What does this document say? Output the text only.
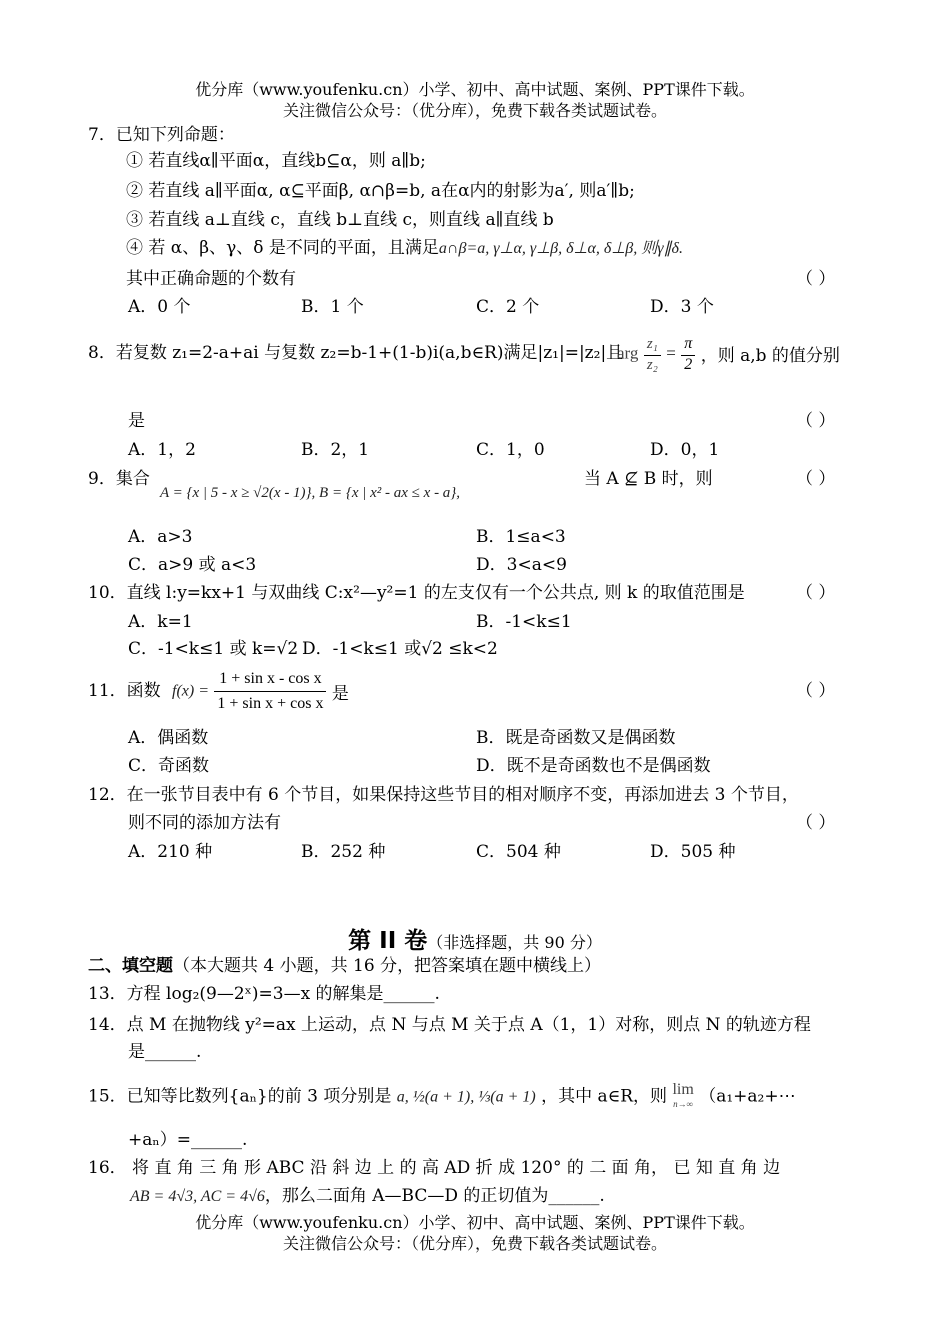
优分库（www.youfenku.cn）小学、初中、高中试题、案例、PPT课件下载。
关注微信公众号：（优分库），免费下载各类试题试卷。
7．已知下列命题：
① 若直线α∥平面α，直线b⊆α，则 a∥b;
② 若直线 a∥平面α, α⊆平面β, α∩β=b, a在α内的射影为a′, 则a′∥b;
③ 若直线 a⊥直线 c，直线 b⊥直线 c，则直线 a∥直线 b
④ 若 α、β、γ、δ 是不同的平面，且满足a∩β=a, γ⊥α, γ⊥β, δ⊥α, δ⊥β, 则γ∥δ.
其中正确命题的个数有	（ ）
A．0 个	B．1 个	C．2 个	D．3 个
8．若复数 z₁=2-a+ai 与复数 z₂=b-1+(1-b)i(a,b∈R)满足|z₁|=|z₂|且
arg $\frac{\text{z₁}}{\text{z₂}} = \frac{\pi}{2}$ ，则 a,b 的值分别
是	（ ）
A．1，2	B．2，1	C．1，0	D．0，1
9．集合
A = {x | 5 - x ≥ √2(x - 1)}, B = {x | x² - ax ≤ x - a},
当 A ⊈ B 时，则	（ ）
A．a>3	B．1≤a<3
C．a>9 或 a<3	D．3<a<9
10．直线 l:y=kx+1 与双曲线 C:x²—y²=1 的左支仅有一个公共点, 则 k 的取值范围是	（ ）
A．k=1	B．-1<k≤1
C．-1<k≤1 或 k=√2 D．-1<k≤1 或√2 ≤k<2
11．函数 $f(x) = \frac{\text{1 + sin x - cos x}}{\text{1 + sin x + cos x}}$ 是	（ ）
A．偶函数	B．既是奇函数又是偶函数
C．奇函数	D．既不是奇函数也不是偶函数
12．在一张节目表中有 6 个节目，如果保持这些节目的相对顺序不变，再添加进去 3 个节目，
则不同的添加方法有	（ ）
A．210 种	B．252 种	C．504 种	D．505 种
第 II 卷（非选择题，共 90 分）
二、填空题（本大题共 4 小题，共 16 分，把答案填在题中横线上）
13．方程 log₂(9—2ˣ)=3—x 的解集是______.
14．点 M 在抛物线 y²=ax 上运动，点 N 与点 M 关于点 A（1，1）对称，则点 N 的轨迹方程
是______.
15．已知等比数列{aₙ}的前 3 项分别是 a, ½(a + 1), ⅓(a + 1) ，其中 a∈R，则 lim
n→∞ （a₁+a₂+⋯
+aₙ）=______.
16． 将 直 角 三 角 形 ABC 沿 斜 边 上 的 高 AD 折 成 120° 的 二 面 角， 已 知 直 角 边
AB = 4√3, AC = 4√6，那么二面角 A—BC—D 的正切值为______.
优分库（www.youfenku.cn）小学、初中、高中试题、案例、PPT课件下载。
关注微信公众号：（优分库），免费下载各类试题试卷。
